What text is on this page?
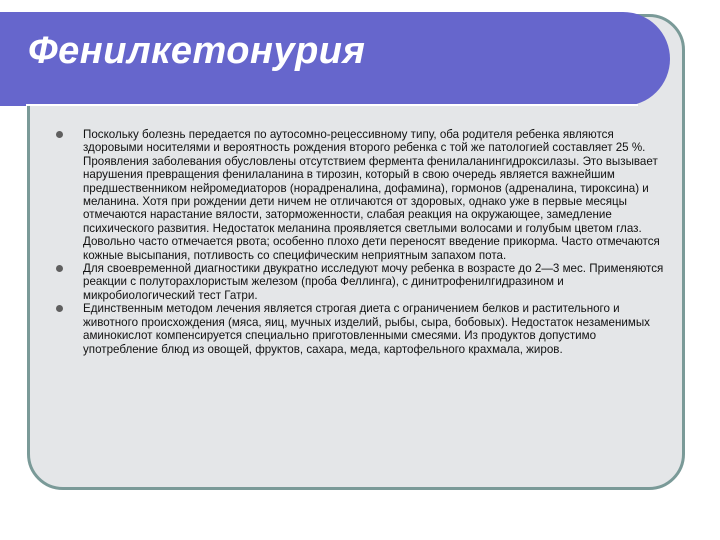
Фенилкетонурия
Поскольку болезнь передается по аутосомно-рецессивному типу, оба родителя ребенка являются здоровыми носителями и вероятность рождения второго ребенка с той же патологией составляет 25 %. Проявления заболевания обусловлены отсутствием фермента фенилаланингидроксилазы. Это вызывает нарушения превращения фенилаланина в тирозин, который в свою очередь является важнейшим предшественником нейромедиаторов (норадреналина, дофамина), гормонов (адреналина, тироксина) и меланина. Хотя при рождении дети ничем не отличаются от здоровых, однако уже в первые месяцы отмечаются нарастание вялости, заторможенности, слабая реакция на окружающее, замедление психического развития. Недостаток меланина проявляется светлыми волосами и голубым цветом глаз. Довольно часто отмечается рвота; особенно плохо дети переносят введение прикорма. Часто отмечаются кожные высыпания, потливость со специфическим неприятным запахом пота.
Для своевременной диагностики двукратно исследуют мочу ребенка в возрасте до 2—3 мес. Применяются реакции с полуторахлористым железом (проба Феллинга), с динитрофенилгидразином и микробиологический тест Гатри.
Единственным методом лечения является строгая диета с ограничением белков и растительного и животного происхождения (мяса, яиц, мучных изделий, рыбы, сыра, бобовых). Недостаток незаменимых аминокислот компенсируется специально приготовленными смесями. Из продуктов допустимо употребление блюд из овощей, фруктов, сахара, меда, картофельного крахмала, жиров.
